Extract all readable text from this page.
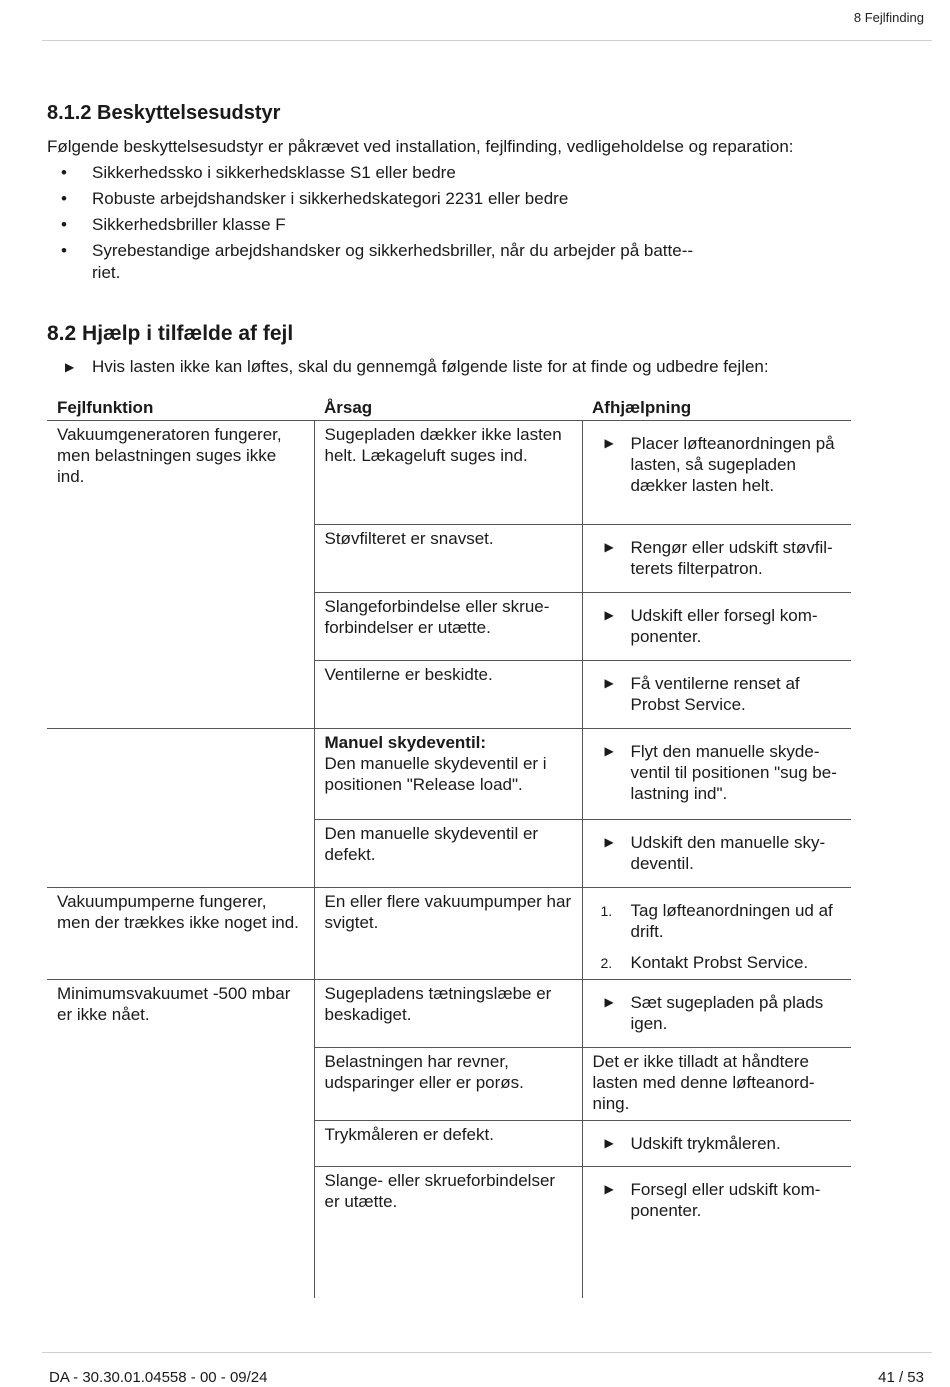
8 Fejlfinding
8.1.2 Beskyttelsesudstyr
Følgende beskyttelsesudstyr er påkrævet ved installation, fejlfinding, vedligeholdelse og reparation:
• Sikkerhedssko i sikkerhedsklasse S1 eller bedre
• Robuste arbejdshandsker i sikkerhedskategori 2231 eller bedre
• Sikkerhedsbriller klasse F
• Syrebestandige arbejdshandsker og sikkerhedsbriller, når du arbejder på batte-riet.
8.2 Hjælp i tilfælde af fejl
▶	Hvis lasten ikke kan løftes, skal du gennemgå følgende liste for at finde og udbedre fejlen:
Fejlfunktion	Årsag	Afhjælpning
Vakuumgeneratoren fungerer, men belastningen suges ikke ind.	Sugepladen dækker ikke lasten helt. Lækageluft suges ind.	▶ Placer løfteanordningen på lasten, så sugepladen dækker lasten helt.

	Støvfilteret er snavset.	▶ Rengør eller udskift støvfil-terets filterpatron.

	Slangeforbindelse eller skrue-forbindelser er utætte.	▶ Udskift eller forsegl kom-ponenter.

	Ventilerne er beskidte.	▶ Få ventilerne renset af Probst Service.

	Manuel skydeventil:
Den manuelle skydeventil er i positionen "Release load".	▶ Flyt den manuelle skyde-ventil til positionen "sug be-lastning ind".

	Den manuelle skydeventil er defekt.	▶ Udskift den manuelle sky-deventil.

Vakuumpumperne fungerer, men der trækkes ikke noget ind.	En eller flere vakuumpumper har svigtet.	1. Tag løfteanordningen ud af drift.
2. Kontakt Probst Service.

Minimumsvakuumet -500 mbar er ikke nået.	Sugepladens tætningslæbe er beskadiget.	▶ Sæt sugepladen på plads igen.

	Belastningen har revner, udsparinger eller er porøs.	Det er ikke tilladt at håndtere lasten med denne løfteanord-ning.
	Trykmåleren er defekt.	▶ Udskift trykmåleren.

	Slange- eller skrueforbindelser er utætte.	▶ Forsegl eller udskift kom-ponenter.
DA - 30.30.01.04558 - 00 - 09/24	41 / 53
